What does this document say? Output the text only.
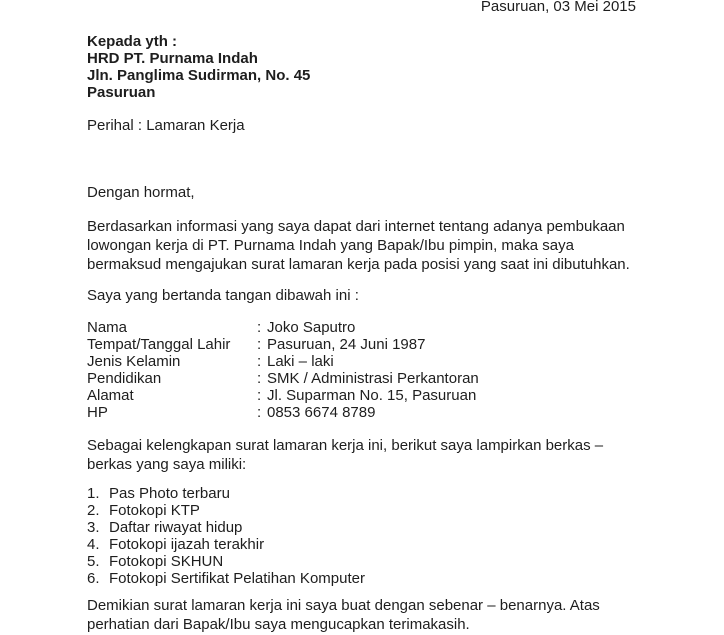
Pasuruan, 03 Mei 2015
Kepada yth :
HRD PT. Purnama Indah
Jln. Panglima Sudirman, No. 45
Pasuruan
Perihal : Lamaran Kerja
Dengan hormat,
Berdasarkan informasi yang saya dapat dari internet tentang adanya pembukaan
lowongan kerja di PT. Purnama Indah yang Bapak/Ibu pimpin, maka saya
bermaksud mengajukan surat lamaran kerja pada posisi yang saat ini dibutuhkan.
Saya yang bertanda tangan dibawah ini :
Nama	: Joko Saputro
Tempat/Tanggal Lahir	: Pasuruan, 24 Juni 1987
Jenis Kelamin	: Laki – laki
Pendidikan	: SMK / Administrasi Perkantoran
Alamat	: Jl. Suparman No. 15, Pasuruan
HP	: 0853 6674 8789
Sebagai kelengkapan surat lamaran kerja ini, berikut saya lampirkan berkas –
berkas yang saya miliki:
1. Pas Photo terbaru
2. Fotokopi KTP
3. Daftar riwayat hidup
4. Fotokopi ijazah terakhir
5. Fotokopi SKHUN
6. Fotokopi Sertifikat Pelatihan Komputer
Demikian surat lamaran kerja ini saya buat dengan sebenar – benarnya. Atas
perhatian dari Bapak/Ibu saya mengucapkan terimakasih.
